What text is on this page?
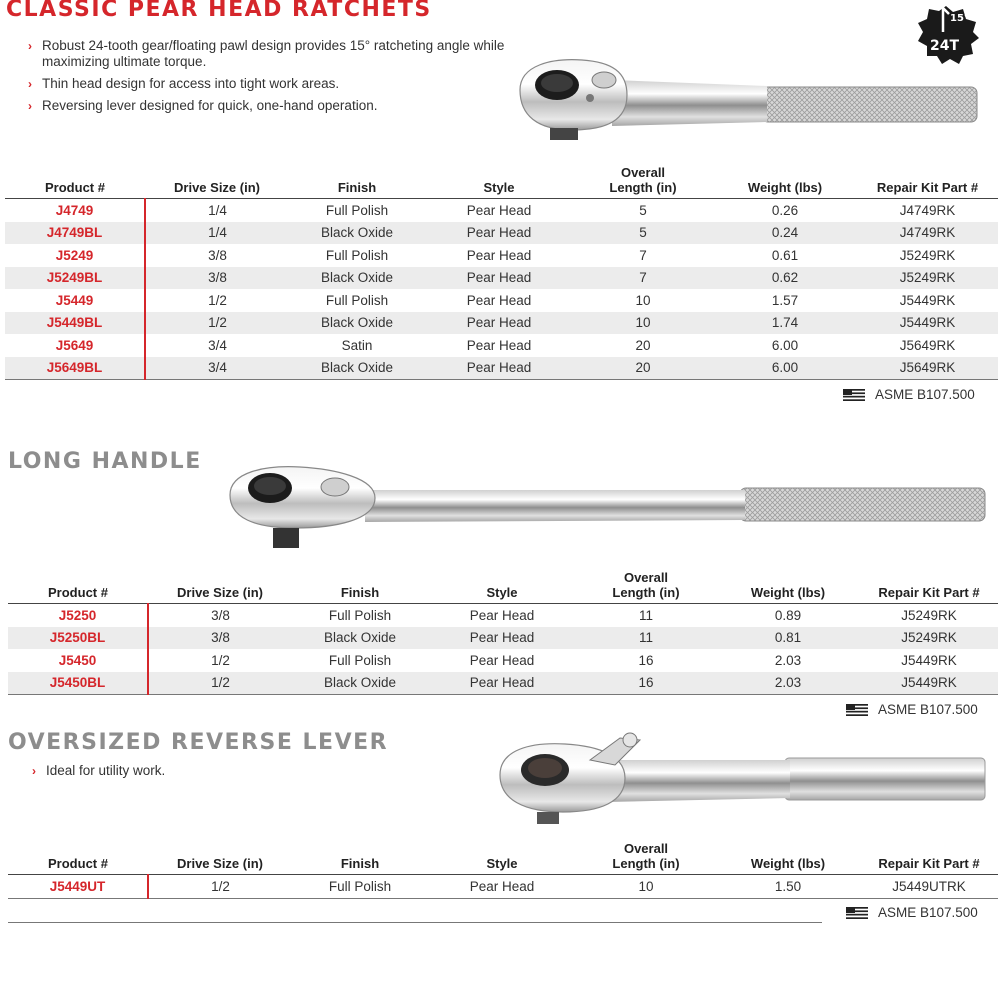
CLASSIC PEAR HEAD RATCHETS
› Robust 24-tooth gear/floating pawl design provides 15° ratcheting angle while maximizing ultimate torque.
› Thin head design for access into tight work areas.
› Reversing lever designed for quick, one-hand operation.
15°
24T
Product #	Drive Size (in)	Finish	Style	Overall Length (in)	Weight (lbs)	Repair Kit Part #
J4749	1/4	Full Polish	Pear Head	5	0.26	J4749RK
J4749BL	1/4	Black Oxide	Pear Head	5	0.24	J4749RK
J5249	3/8	Full Polish	Pear Head	7	0.61	J5249RK
J5249BL	3/8	Black Oxide	Pear Head	7	0.62	J5249RK
J5449	1/2	Full Polish	Pear Head	10	1.57	J5449RK
J5449BL	1/2	Black Oxide	Pear Head	10	1.74	J5449RK
J5649	3/4	Satin	Pear Head	20	6.00	J5649RK
J5649BL	3/4	Black Oxide	Pear Head	20	6.00	J5649RK
ASME B107.500
LONG HANDLE
Product #	Drive Size (in)	Finish	Style	Overall Length (in)	Weight (lbs)	Repair Kit Part #
J5250	3/8	Full Polish	Pear Head	11	0.89	J5249RK
J5250BL	3/8	Black Oxide	Pear Head	11	0.81	J5249RK
J5450	1/2	Full Polish	Pear Head	16	2.03	J5449RK
J5450BL	1/2	Black Oxide	Pear Head	16	2.03	J5449RK
ASME B107.500
OVERSIZED REVERSE LEVER
› Ideal for utility work.
Product #	Drive Size (in)	Finish	Style	Overall Length (in)	Weight (lbs)	Repair Kit Part #
J5449UT	1/2	Full Polish	Pear Head	10	1.50	J5449UTRK
ASME B107.500
